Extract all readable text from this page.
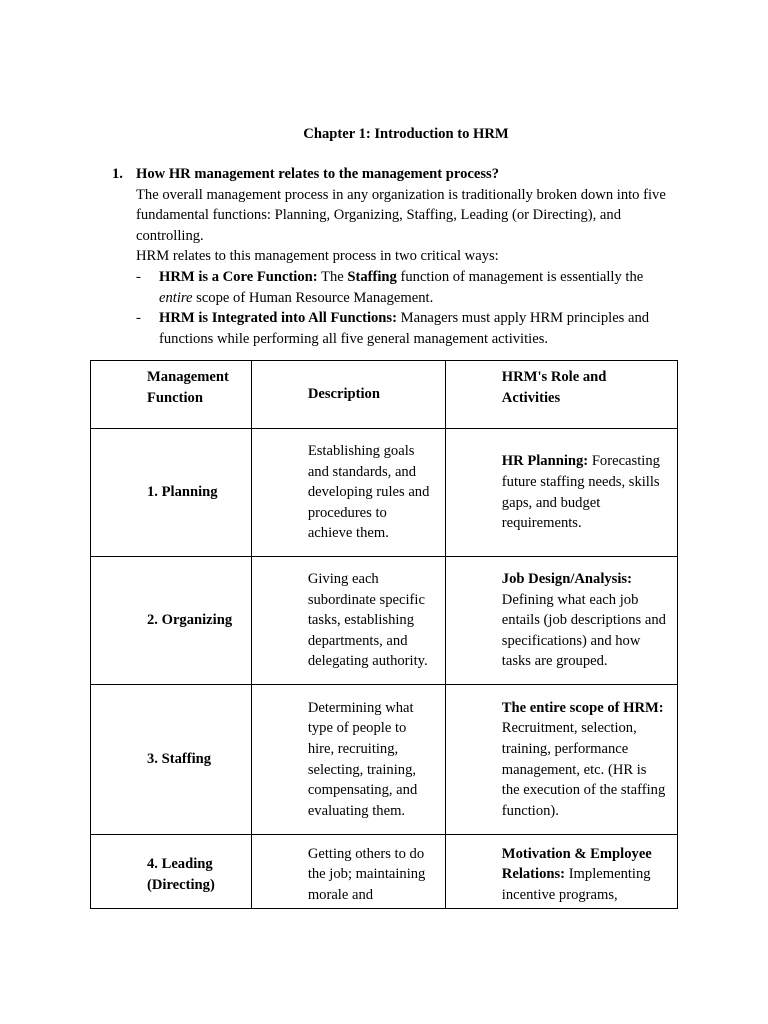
Chapter 1: Introduction to HRM
1. How HR management relates to the management process?
The overall management process in any organization is traditionally broken down into five fundamental functions: Planning, Organizing, Staffing, Leading (or Directing), and controlling.
HRM relates to this management process in two critical ways:
-	HRM is a Core Function: The Staffing function of management is essentially the entire scope of Human Resource Management.
-	HRM is Integrated into All Functions: Managers must apply HRM principles and functions while performing all five general management activities.
Management Function	Description	HRM's Role and Activities

1. Planning	Establishing goals and standards, and developing rules and procedures to achieve them.	HR Planning: Forecasting future staffing needs, skills gaps, and budget requirements.

2. Organizing	Giving each subordinate specific tasks, establishing departments, and delegating authority.	Job Design/Analysis: Defining what each job entails (job descriptions and specifications) and how tasks are grouped.

3. Staffing	Determining what type of people to hire, recruiting, selecting, training, compensating, and evaluating them.	The entire scope of HRM: Recruitment, selection, training, performance management, etc. (HR is the execution of the staffing function).

4. Leading (Directing)	Getting others to do the job; maintaining morale and	Motivation & Employee Relations: Implementing incentive programs,
